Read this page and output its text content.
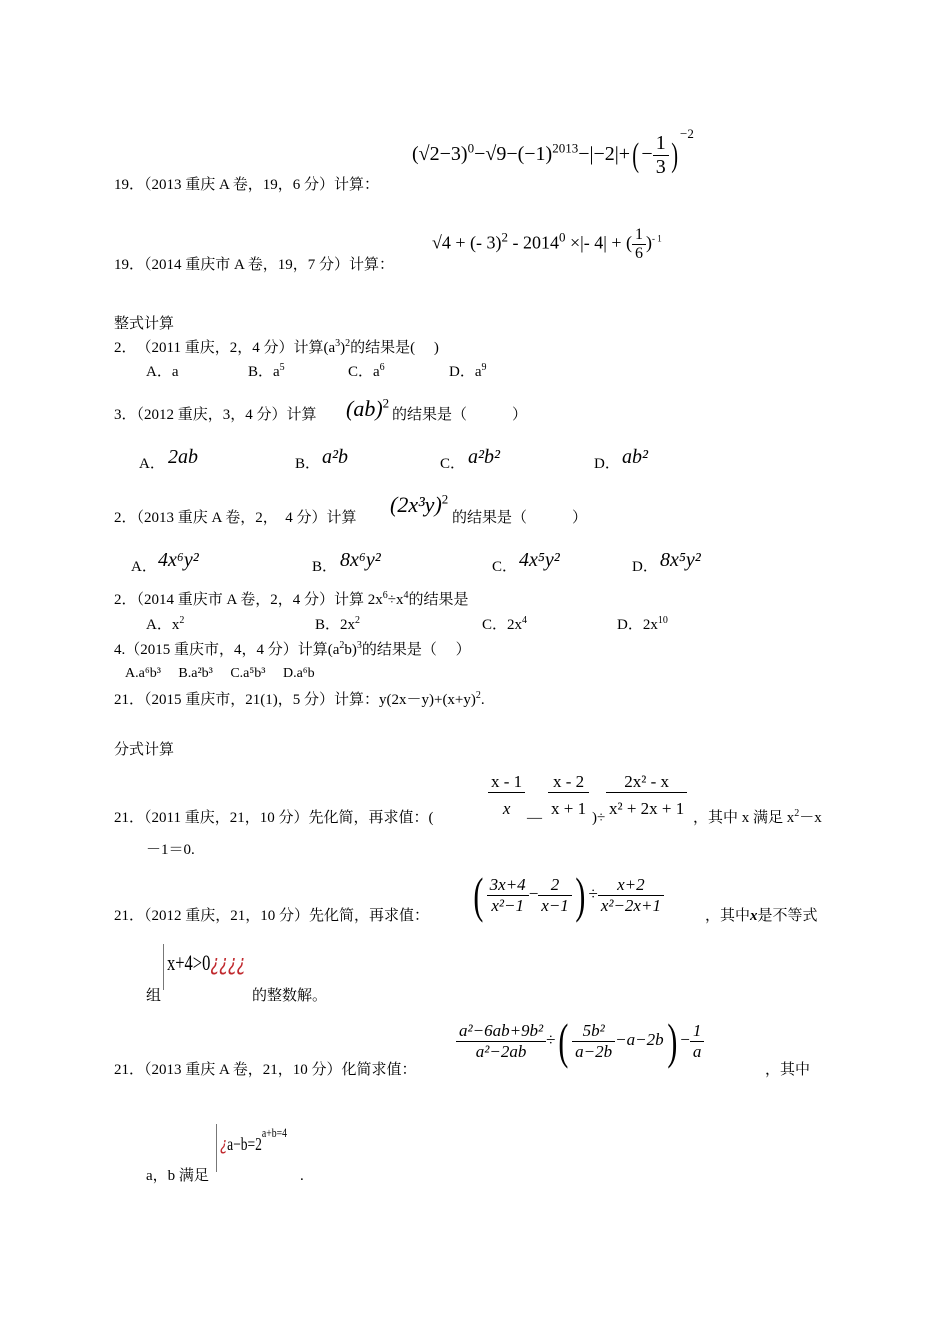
$(√2-3)^0-√9-(-1)^{2013}-|-2|+( - \frac{1}{3} )^{-2}$
19．（2013 重庆 A 卷，19，6 分）计算：
√4 + (- $3)^2 - 2014^0$ ×|- 4| + ( $\frac{1}{6} )^{- 1}$
19．（2014 重庆市 A 卷，19，7 分）计算：
整式计算
2．　（2011 重庆，2，4 分）计算$(a^3)^2$的结果是(　 )
A．a	B．$a^5$	C．$a^6$	D．$a^9$
3．（2012 重庆，3，4 分）计算 (ab)$^2$
的结果是（　　　）
A． 2ab	B． a²b	C． a²b²	D． ab²
2．（2013 重庆 A 卷，2，　4 分）计算
$(2x^3y)^2$
的结果是（　　　）
A． 4x⁶y²	B． 8x⁶y²	C． 4x⁵y²	D． 8x⁵y²
2．（2014 重庆市 A 卷，2，4 分）计算 $2x^6\div x^4$的结果是
A．$x^2$	B．$2x^2$	C．$2x^4$	D．$2x^{10}$
4.（2015 重庆市，4，4 分）计算$(a^2b)^3$的结果是（　 ）
A.a⁶b³　 B.a²b³　 C.a⁵b³　 D.a⁶b
21．（2015 重庆市，21(1)，5 分）计算：$y(2x-y)+(x+y)^2$.
分式计算
$\frac{x - 1}{x} \frac{x - 2}{x + 1} \frac{\text{2x² - x}}{\text{x² + 2x + 1}}$
21．（2011 重庆，21，10 分）先化简，再求值：(	—	)÷	，其中 x 满足 $x^2-x$
－1＝0.
( $\frac{3x+4}{\text{x²−1}} - \frac{2}{x-1}$ ) ÷ $\frac{x+2}{\text{x²−2x+1}}$
21．（2012 重庆，21，10 分）先化简，再求值：	，其中x是不等式
x+4>0¿¿¿¿
组	的整数解。
$\frac{\text{a²−6ab+9b²}}{\text{a²−2ab}}$ ÷( $\frac{\text{5b²}}{a-2b} -a-2b) - \frac{1}{a}$
21．（2013 重庆 A 卷，21，10 分）化简求值：	，其中
¿$a-b=2^{a+b=4}$
a，b 满足	.
